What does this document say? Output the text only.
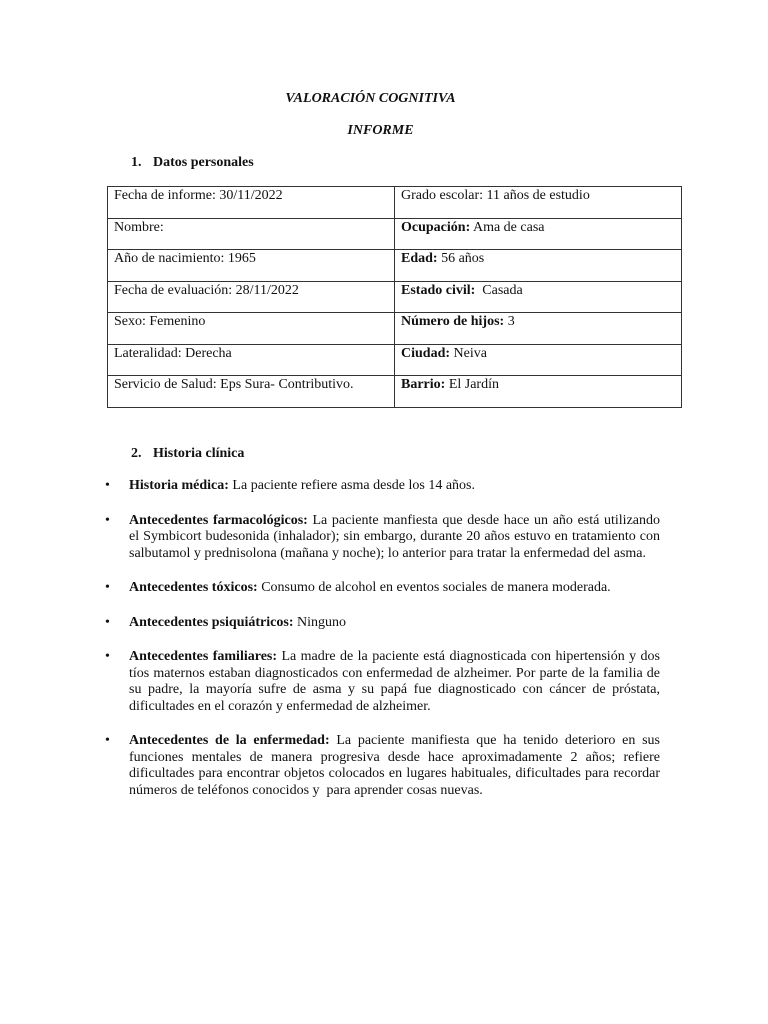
VALORACIÓN COGNITIVA
INFORME
1. Datos personales
Fecha de informe: 30/11/2022	Grado escolar: 11 años de estudio
Nombre:	Ocupación: Ama de casa
Año de nacimiento: 1965	Edad: 56 años
Fecha de evaluación: 28/11/2022	Estado civil:  Casada
Sexo: Femenino	Número de hijos: 3
Lateralidad: Derecha	Ciudad: Neiva
Servicio de Salud: Eps Sura- Contributivo.	Barrio: El Jardín
2. Historia clínica
• Historia médica: La paciente refiere asma desde los 14 años.
• Antecedentes farmacológicos: La paciente manfiesta que desde hace un año está utilizando el Symbicort budesonida (inhalador); sin embargo, durante 20 años estuvo en tratamiento con salbutamol y prednisolona (mañana y noche); lo anterior para tratar la enfermedad del asma.
• Antecedentes tóxicos: Consumo de alcohol en eventos sociales de manera moderada.
• Antecedentes psiquiátricos: Ninguno
• Antecedentes familiares: La madre de la paciente está diagnosticada con hipertensión y dos tíos maternos estaban diagnosticados con enfermedad de alzheimer. Por parte de la familia de su padre, la mayoría sufre de asma y su papá fue diagnosticado con cáncer de próstata, dificultades en el corazón y enfermedad de alzheimer.
• Antecedentes de la enfermedad: La paciente manifiesta que ha tenido deterioro en sus funciones mentales de manera progresiva desde hace aproximadamente 2 años; refiere dificultades para encontrar objetos colocados en lugares habituales, dificultades para recordar números de teléfonos conocidos y  para aprender cosas nuevas.
